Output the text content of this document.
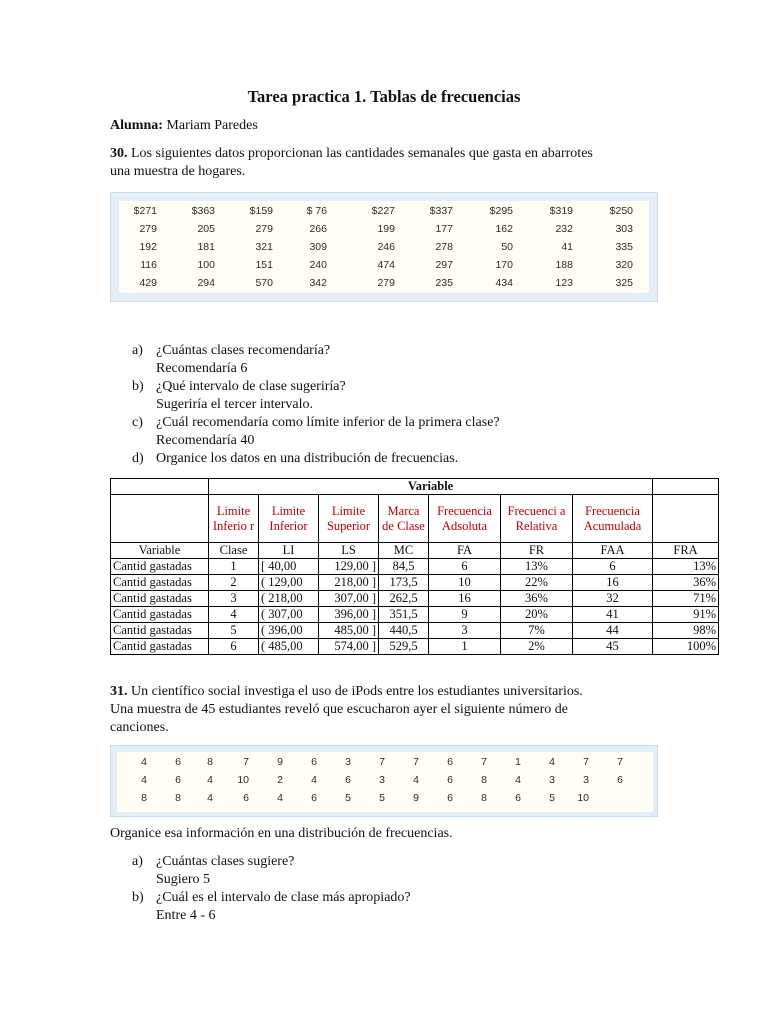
Tarea practica 1. Tablas de frecuencias
Alumna: Mariam Paredes
30. Los siguientes datos proporcionan las cantidades semanales que gasta en abarrotes
una muestra de hogares.
$271	$363	$159	$ 76	$227	$337	$295	$319	$250
279	205	279	266	199	177	162	232	303
192	181	321	309	246	278	50	41	335
116	100	151	240	474	297	170	188	320
429	294	570	342	279	235	434	123	325
a) ¿Cuántas clases recomendaría?
Recomendaría 6
b) ¿Qué intervalo de clase sugeriría?
Sugeriría el tercer intervalo.
c) ¿Cuál recomendaría como límite inferior de la primera clase?
Recomendaría 40
d) Organice los datos en una distribución de frecuencias.
	Variable							
	Limite Inferio r	Limite Inferior	Limite Superior	Marca de Clase	Frecuencia Adsoluta	Frecuenci a Relativa	Frecuencia Acumulada	
Variable	Clase	LI	LS	MC	FA	FR	FAA	FRA
Cantid gastadas	1	[ 40,00	129,00 ]	84,5	6	13%	6	13%
Cantid gastadas	2	( 129,00	218,00 ]	173,5	10	22%	16	36%
Cantid gastadas	3	( 218,00	307,00 ]	262,5	16	36%	32	71%
Cantid gastadas	4	( 307,00	396,00 ]	351,5	9	20%	41	91%
Cantid gastadas	5	( 396,00	485,00 ]	440,5	3	7%	44	98%
Cantid gastadas	6	( 485,00	574,00 ]	529,5	1	2%	45	100%
31. Un científico social investiga el uso de iPods entre los estudiantes universitarios.
Una muestra de 45 estudiantes reveló que escucharon ayer el siguiente número de
canciones.
4	6	8	7	9	6	3	7	7	6	7	1	4	7	7
4	6	4	10	2	4	6	3	4	6	8	4	3	3	6
8	8	4	6	4	6	5	5	9	6	8	6	5	10
Organice esa información en una distribución de frecuencias.
a) ¿Cuántas clases sugiere?
Sugiero 5
b) ¿Cuál es el intervalo de clase más apropiado?
Entre 4 - 6
